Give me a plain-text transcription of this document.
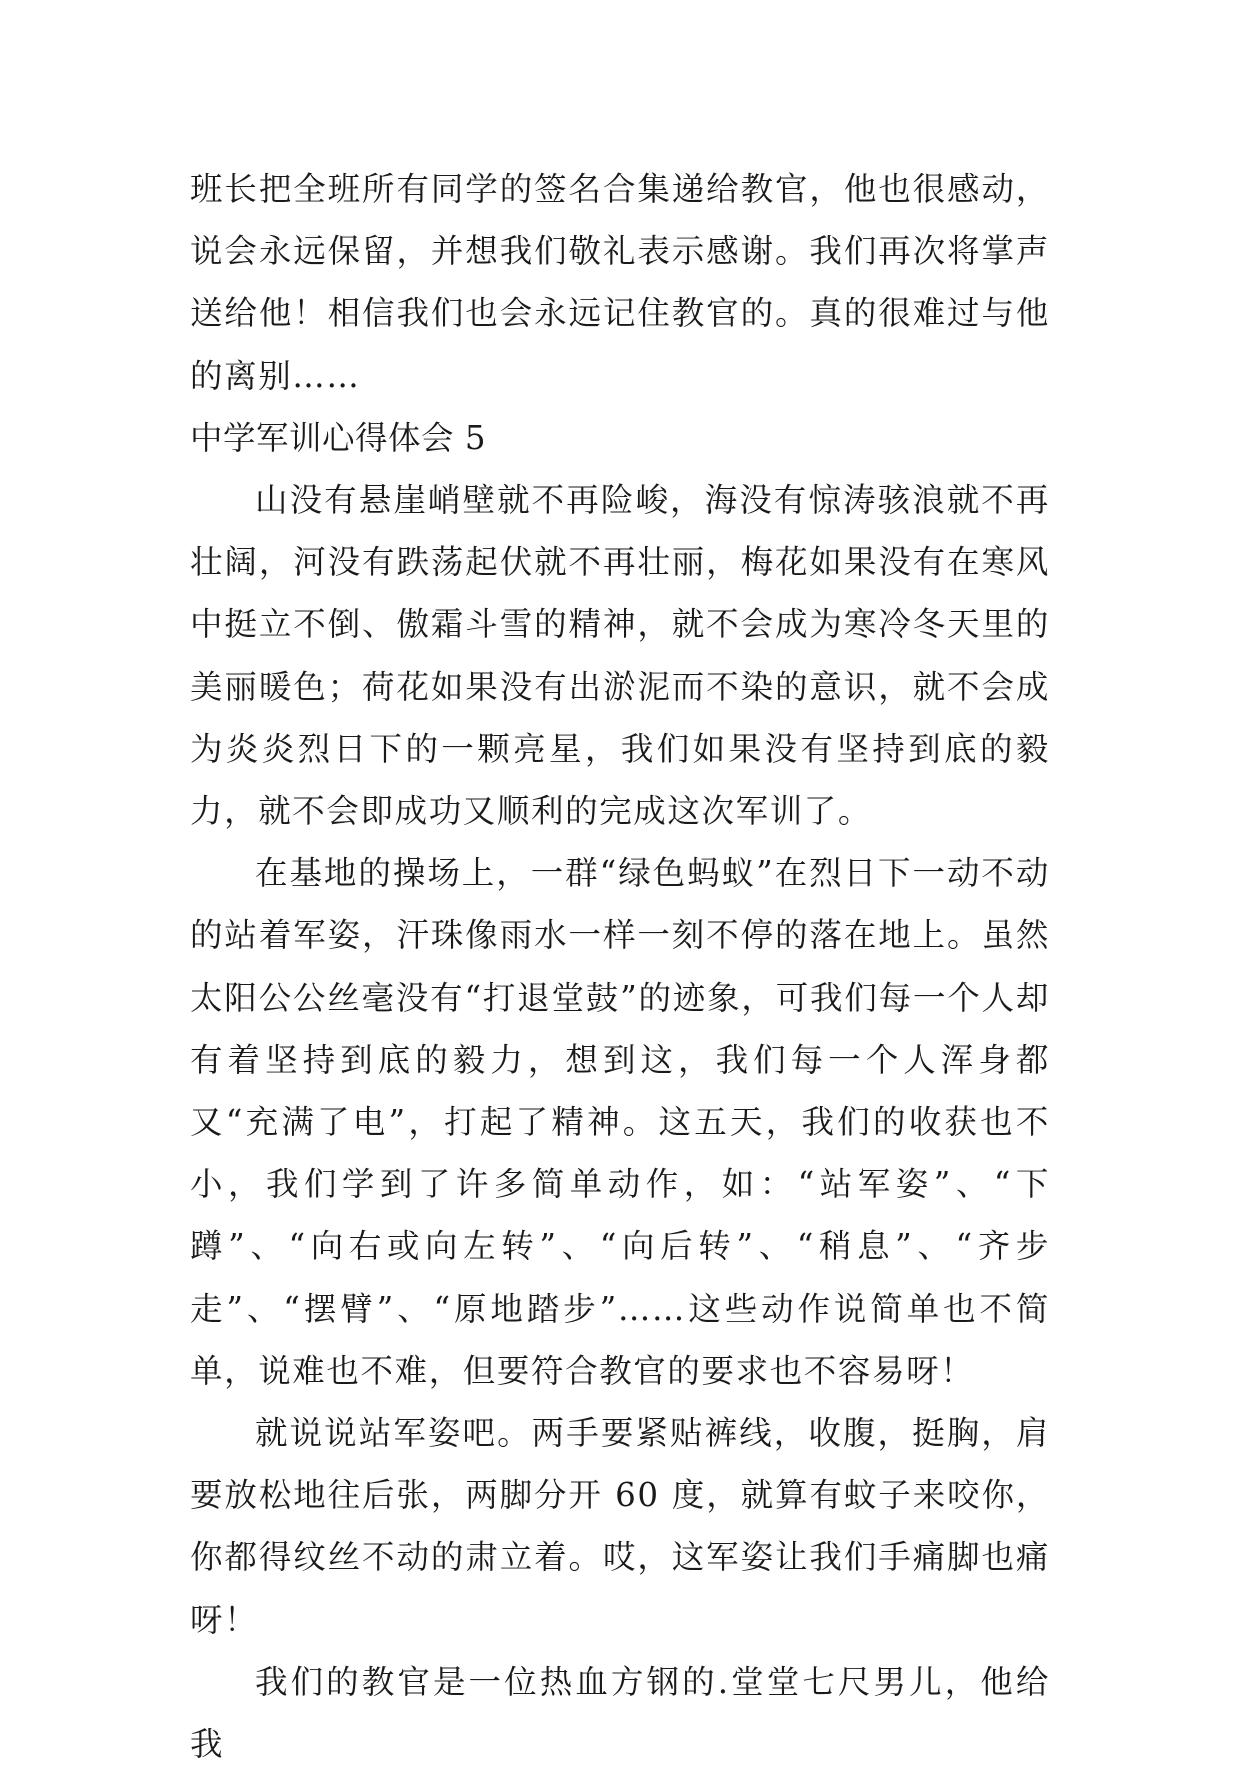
班长把全班所有同学的签名合集递给教官，他也很感动，说会永远保留，并想我们敬礼表示感谢。我们再次将掌声送给他！相信我们也会永远记住教官的。真的很难过与他的离别……

中学军训心得体会 5

山没有悬崖峭壁就不再险峻，海没有惊涛骇浪就不再壮阔，河没有跌荡起伏就不再壮丽，梅花如果没有在寒风中挺立不倒、傲霜斗雪的精神，就不会成为寒冷冬天里的美丽暖色；荷花如果没有出淤泥而不染的意识，就不会成为炎炎烈日下的一颗亮星，我们如果没有坚持到底的毅力，就不会即成功又顺利的完成这次军训了。

在基地的操场上，一群“绿色蚂蚁”在烈日下一动不动的站着军姿，汗珠像雨水一样一刻不停的落在地上。虽然太阳公公丝毫没有“打退堂鼓”的迹象，可我们每一个人却有着坚持到底的毅力，想到这，我们每一个人浑身都又“充满了电”，打起了精神。这五天，我们的收获也不小，我们学到了许多简单动作，如：“站军姿”、“下蹲”、“向右或向左转”、“向后转”、“稍息”、“齐步走”、“摆臂”、“原地踏步”……这些动作说简单也不简单，说难也不难，但要符合教官的要求也不容易呀！

就说说站军姿吧。两手要紧贴裤线，收腹，挺胸，肩要放松地往后张，两脚分开 60 度，就算有蚊子来咬你，你都得纹丝不动的肃立着。哎，这军姿让我们手痛脚也痛呀！

我们的教官是一位热血方钢的.堂堂七尺男儿，他给我
